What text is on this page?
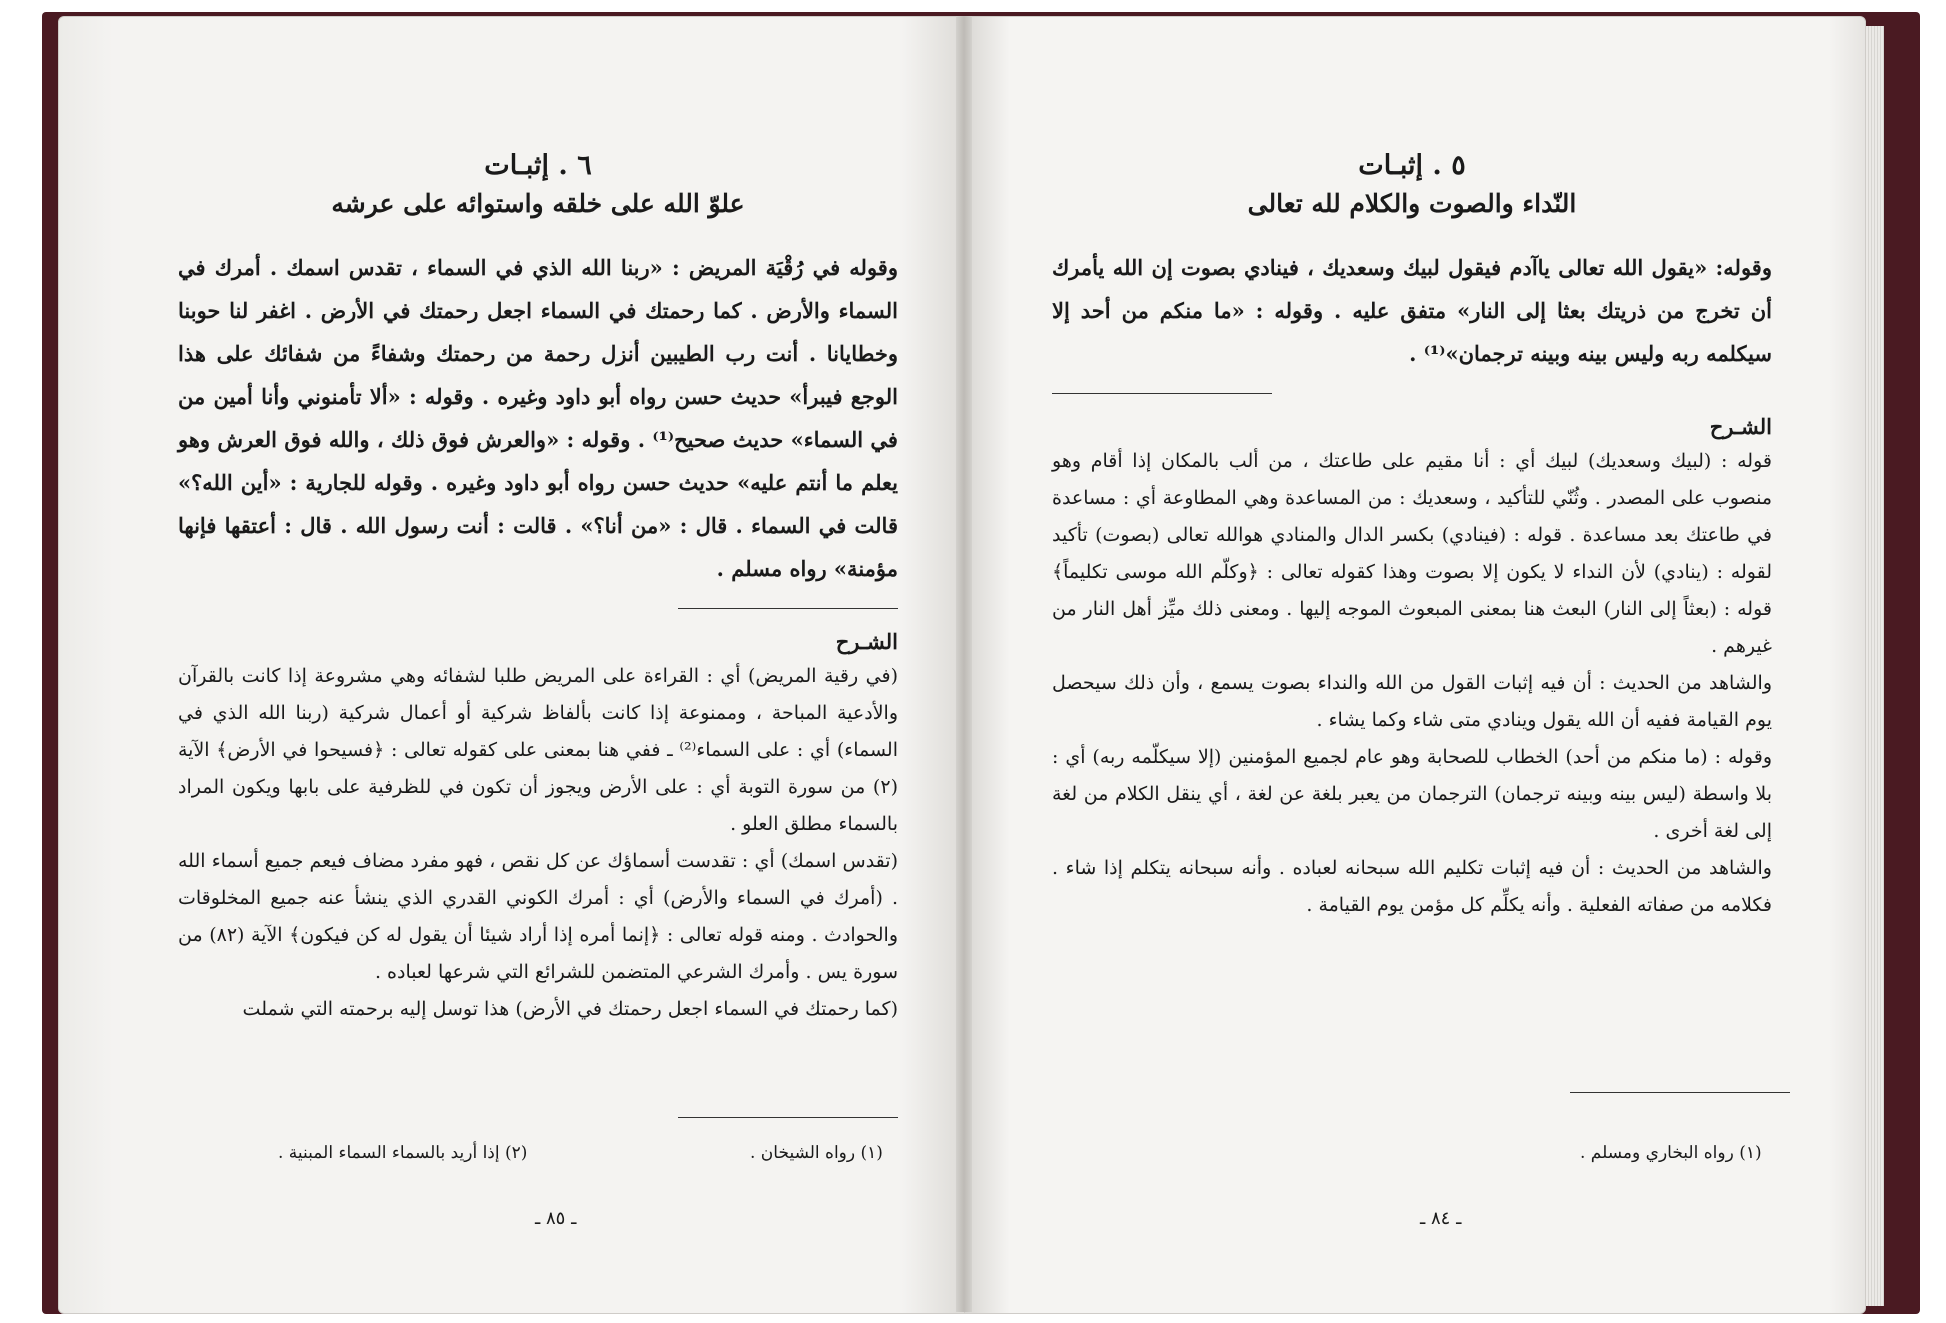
٦ . إثبـات

علوّ الله على خلقه واستوائه على عرشه

وقوله في رُقْيَة المريض : «ربنا الله الذي في السماء ، تقدس اسمك . أمرك في السماء والأرض . كما رحمتك في السماء اجعل رحمتك في الأرض . اغفر لنا حوبنا وخطايانا . أنت رب الطيبين أنزل رحمة من رحمتك وشفاءً من شفائك على هذا الوجع فيبرأ» حديث حسن رواه أبو داود وغيره . وقوله : «ألا تأمنوني وأنا أمين من في السماء» حديث صحيح⁽¹⁾ . وقوله : «والعرش فوق ذلك ، والله فوق العرش وهو يعلم ما أنتم عليه» حديث حسن رواه أبو داود وغيره . وقوله للجارية : «أين الله؟» قالت في السماء . قال : «من أنا؟» . قالت : أنت رسول الله . قال : أعتقها فإنها مؤمنة» رواه مسلم .

الشـرح

(في رقية المريض) أي : القراءة على المريض طلبا لشفائه وهي مشروعة إذا كانت بالقرآن والأدعية المباحة ، وممنوعة إذا كانت بألفاظ شركية أو أعمال شركية (ربنا الله الذي في السماء) أي : على السماء⁽²⁾ ـ ففي هنا بمعنى على كقوله تعالى : ﴿فسيحوا في الأرض﴾ الآية (٢) من سورة التوبة أي : على الأرض ويجوز أن تكون في للظرفية على بابها ويكون المراد بالسماء مطلق العلو .

(تقدس اسمك) أي : تقدست أسماؤك عن كل نقص ، فهو مفرد مضاف فيعم جميع أسماء الله . (أمرك في السماء والأرض) أي : أمرك الكوني القدري الذي ينشأ عنه جميع المخلوقات والحوادث . ومنه قوله تعالى : ﴿إنما أمره إذا أراد شيئا أن يقول له كن فيكون﴾ الآية (٨٢) من سورة يس . وأمرك الشرعي المتضمن للشرائع التي شرعها لعباده .

(كما رحمتك في السماء اجعل رحمتك في الأرض) هذا توسل إليه برحمته التي شملت

(١) رواه الشيخان .
(٢) إذا أريد بالسماء السماء المبنية .
ـ ٨٥ ـ

٥ . إثبـات

النّداء والصوت والكلام لله تعالى

وقوله: «يقول الله تعالى ياآدم فيقول لبيك وسعديك ، فينادي بصوت إن الله يأمرك أن تخرج من ذريتك بعثا إلى النار» متفق عليه . وقوله : «ما منكم من أحد إلا سيكلمه ربه وليس بينه وبينه ترجمان»⁽¹⁾ .

الشـرح

قوله : (لبيك وسعديك) لبيك أي : أنا مقيم على طاعتك ، من ألب بالمكان إذا أقام وهو منصوب على المصدر . وثُنّي للتأكيد ، وسعديك : من المساعدة وهي المطاوعة أي : مساعدة في طاعتك بعد مساعدة . قوله : (فينادي) بكسر الدال والمنادي هوالله تعالى (بصوت) تأكيد لقوله : (ينادي) لأن النداء لا يكون إلا بصوت وهذا كقوله تعالى : ﴿وكلّم الله موسى تكليماً﴾ قوله : (بعثاً إلى النار) البعث هنا بمعنى المبعوث الموجه إليها . ومعنى ذلك ميِّز أهل النار من غيرهم .

والشاهد من الحديث : أن فيه إثبات القول من الله والنداء بصوت يسمع ، وأن ذلك سيحصل يوم القيامة ففيه أن الله يقول وينادي متى شاء وكما يشاء .

وقوله : (ما منكم من أحد) الخطاب للصحابة وهو عام لجميع المؤمنين (إلا سيكلّمه ربه) أي : بلا واسطة (ليس بينه وبينه ترجمان) الترجمان من يعبر بلغة عن لغة ، أي ينقل الكلام من لغة إلى لغة أخرى .

والشاهد من الحديث : أن فيه إثبات تكليم الله سبحانه لعباده . وأنه سبحانه يتكلم إذا شاء . فكلامه من صفاته الفعلية . وأنه يكلِّم كل مؤمن يوم القيامة .

(١) رواه البخاري ومسلم .
ـ ٨٤ ـ
